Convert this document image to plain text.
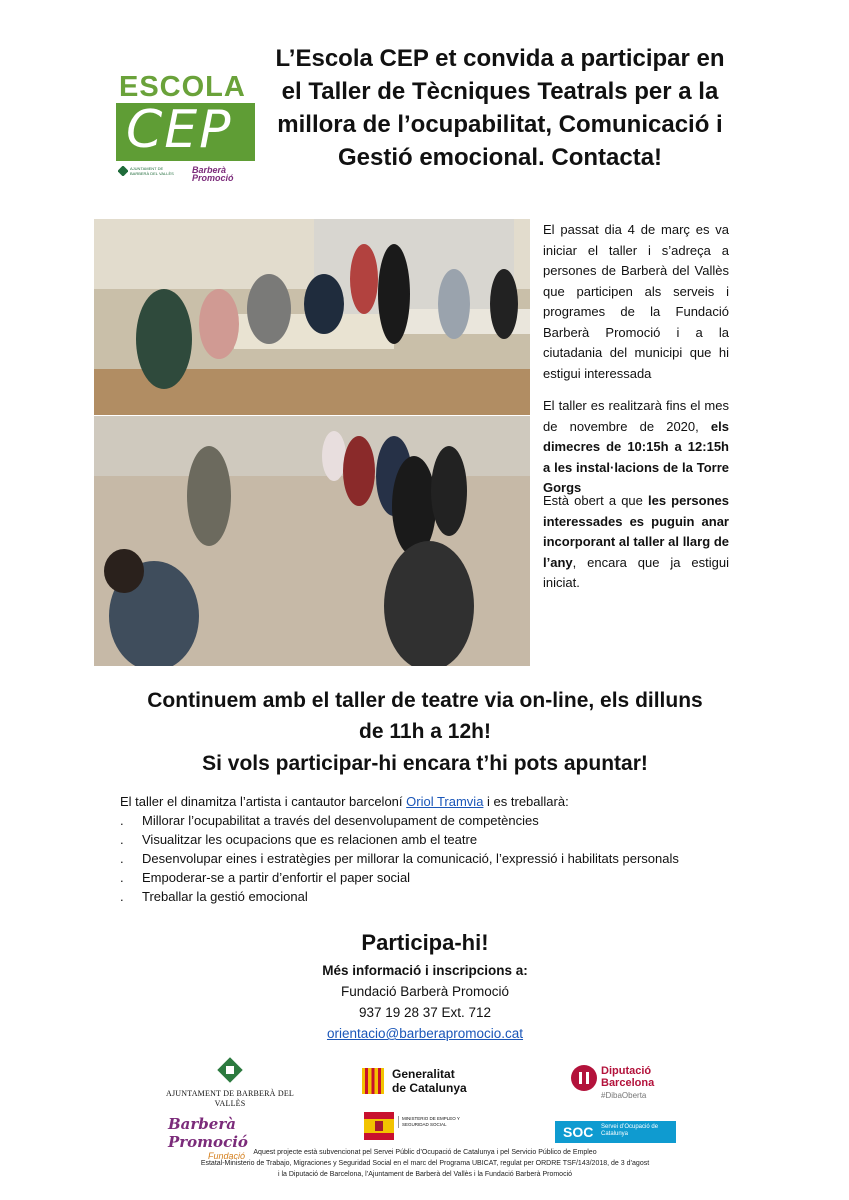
ESCOLA
CEP
AJUNTAMENT DE BARBERÀ DEL VALLÈS Barberà Promoció
L’Escola CEP et convida a participar en el Taller de Tècniques Teatrals per a la millora de l’ocupabilitat, Comunicació i Gestió emocional. Contacta!
El passat dia 4 de març es va iniciar el taller i s’adreça a persones de Barberà del Vallès que participen als serveis i programes de la Fundació Barberà Promoció i a la ciutadania del municipi que hi estigui interessada
El taller es realitzarà fins el mes de novembre de 2020, els dimecres de 10:15h a 12:15h a les instal·lacions de la Torre Gorgs
Està obert a que les persones interessades es puguin anar incorporant al taller al llarg de l’any, encara que ja estigui iniciat.
Continuem amb el taller de teatre via on-line, els dilluns
de 11h a 12h!
Si vols participar-hi encara t’hi pots apuntar!
El taller el dinamitza l’artista i cantautor barceloní Oriol Tramvia i es treballarà:
. Millorar l’ocupabilitat a través del desenvolupament de competències
. Visualitzar les ocupacions que es relacionen amb el teatre
. Desenvolupar eines i estratègies per millorar la comunicació, l’expressió i habilitats personals
. Empoderar-se a partir d’enfortir el paper social
. Treballar la gestió emocional
Participa-hi!
Més informació i inscripcions a:
Fundació Barberà Promoció
937 19 28 37 Ext. 712
orientacio@barberapromocio.cat
AJUNTAMENT DE BARBERÀ DEL VALLÈS
Generalitat
de Catalunya
Diputació
Barcelona
#DibaOberta
Barberà Promoció
Fundació
MINISTERIO DE EMPLEO Y SEGURIDAD SOCIAL	SOC Servei d’Ocupació de Catalunya
Aquest projecte està subvencionat pel Servei Públic d’Ocupació de Catalunya i pel Servicio Público de Empleo
Estatal-Ministerio de Trabajo, Migraciones y Seguridad Social en el marc del Programa UBICAT, regulat per ORDRE TSF/143/2018, de 3 d’agost
i la Diputació de Barcelona, l’Ajuntament de Barberà del Vallès i la Fundació Barberà Promoció
